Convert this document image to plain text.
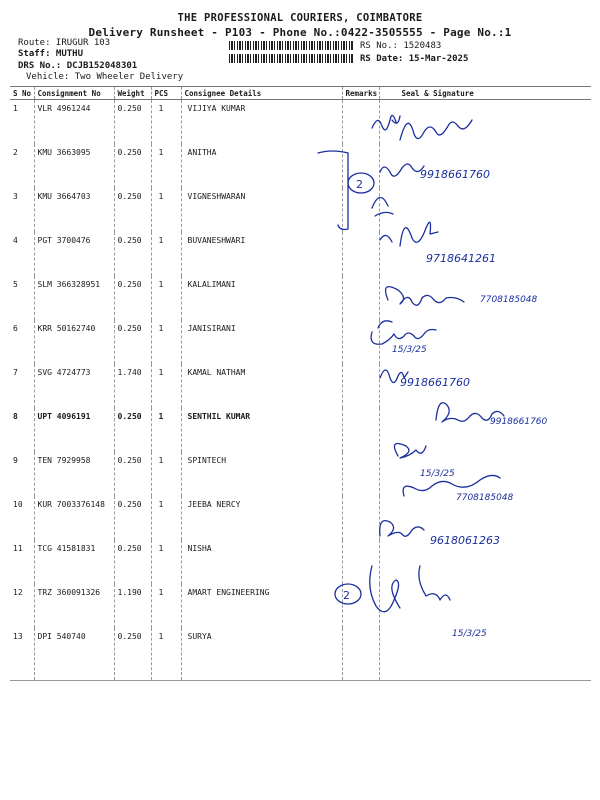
THE PROFESSIONAL COURIERS, COIMBATORE
Delivery Runsheet - P103 - Phone No.:0422-3505555 - Page No.:1
Route: IRUGUR 103
Staff: MUTHU
DRS No.: DCJB152048301
Vehicle: Two Wheeler Delivery
RS No.: 1520483
RS Date: 15-Mar-2025
S No	Consignment No	Weight	PCS	Consignee Details	Remarks	Seal & Signature
1	VLR 4961244	0.250	1	VIJIYA KUMAR		
2	KMU 3663095	0.250	1	ANITHA		
3	KMU 3664703	0.250	1	VIGNESHWARAN		
4	PGT 3700476	0.250	1	BUVANESHWARI		
5	SLM 366328951	0.250	1	KALALIMANI		
6	KRR 50162740	0.250	1	JANISIRANI		
7	SVG 4724773	1.740	1	KAMAL NATHAM		
8	UPT 4096191	0.250	1	SENTHIL KUMAR		
9	TEN 7929958	0.250	1	SPINTECH		
10	KUR 7003376148	0.250	1	JEEBA NERCY		
11	TCG 41581831	0.250	1	NISHA		
12	TRZ 360091326	1.190	1	AMART ENGINEERING		
13	DPI 540740	0.250	1	SURYA		
9918661760
9718641261
7708185048
15/3/25
9918661760
9918661760
15/3/25
7708185048
9618061263
15/3/25
2
2
